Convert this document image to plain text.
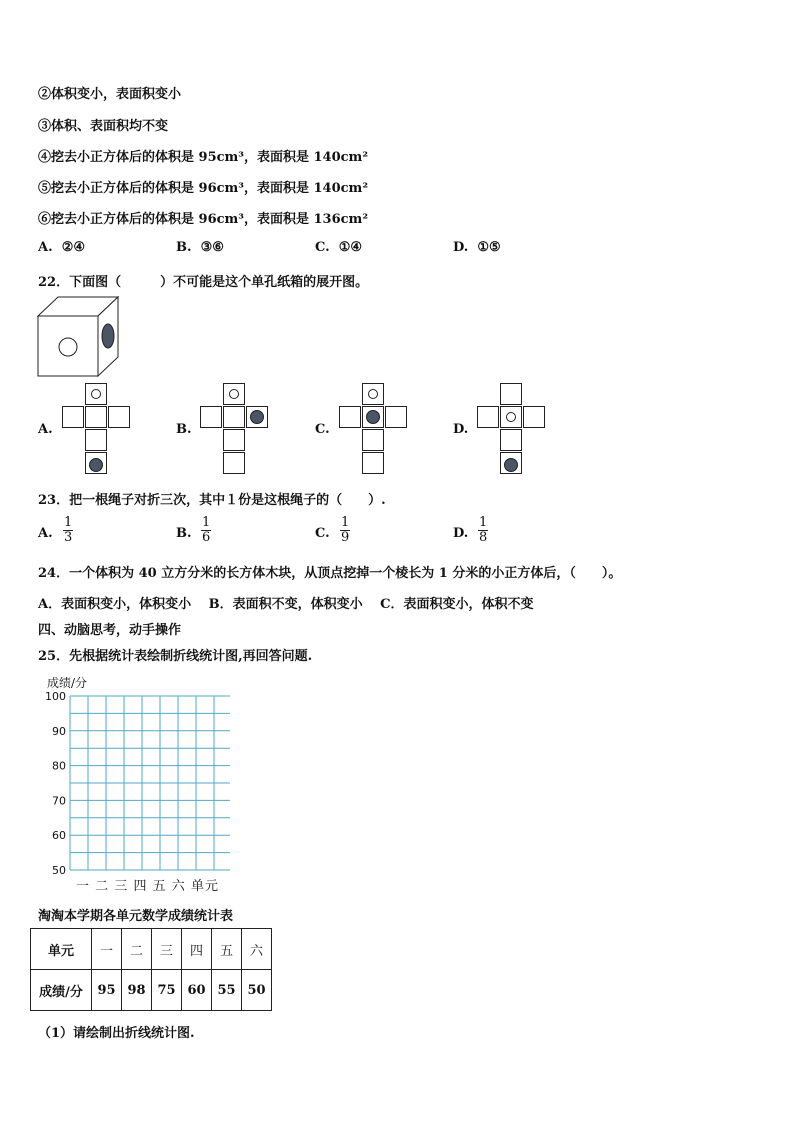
②体积变小，表面积变小
③体积、表面积均不变
④挖去小正方体后的体积是 95cm³，表面积是 140cm²
⑤挖去小正方体后的体积是 96cm³，表面积是 140cm²
⑥挖去小正方体后的体积是 96cm³，表面积是 136cm²
A. ②④	B. ③⑥	C. ①④	D. ①⑤
22．下面图（　　　）不可能是这个单孔纸箱的展开图。
A.	B.	C.	D.
23．把一根绳子对折三次，其中１份是这根绳子的（　　）.
A. $\frac{1}{3}$	B. $\frac{1}{6}$	C. $\frac{1}{9}$	D. $\frac{1}{8}$
24．一个体积为 40 立方分米的长方体木块，从顶点挖掉一个棱长为 1 分米的小正方体后，（　　）。
A．表面积变小，体积变小　 B．表面积不变，体积变小　 C．表面积变小，体积不变
四、动脑思考，动手操作
25．先根据统计表绘制折线统计图,再回答问题.
成绩/分
100
90
80
70
60
50
一 二 三 四 五 六 单元
淘淘本学期各单元数学成绩统计表
单元	一	二	三	四	五	六
成绩/分	95	98	75	60	55	50
（1）请绘制出折线统计图.
